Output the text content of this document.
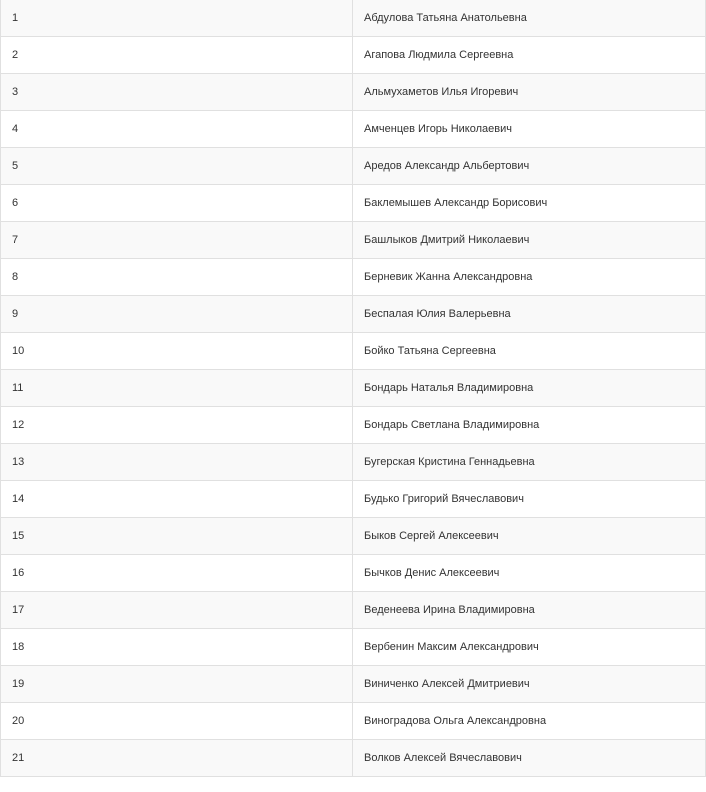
1	Абдулова Татьяна Анатольевна
2	Агапова Людмила Сергеевна
3	Альмухаметов Илья Игоревич
4	Амченцев Игорь Николаевич
5	Аредов Александр Альбертович
6	Баклемышев Александр Борисович
7	Башлыков Дмитрий Николаевич
8	Берневик Жанна Александровна
9	Беспалая Юлия Валерьевна
10	Бойко Татьяна Сергеевна
11	Бондарь Наталья Владимировна
12	Бондарь Светлана Владимировна
13	Бугерская Кристина Геннадьевна
14	Будько Григорий Вячеславович
15	Быков Сергей Алексеевич
16	Бычков Денис Алексеевич
17	Веденеева Ирина Владимировна
18	Вербенин Максим Александрович
19	Виниченко Алексей Дмитриевич
20	Виноградова Ольга Александровна
21	Волков Алексей Вячеславович
